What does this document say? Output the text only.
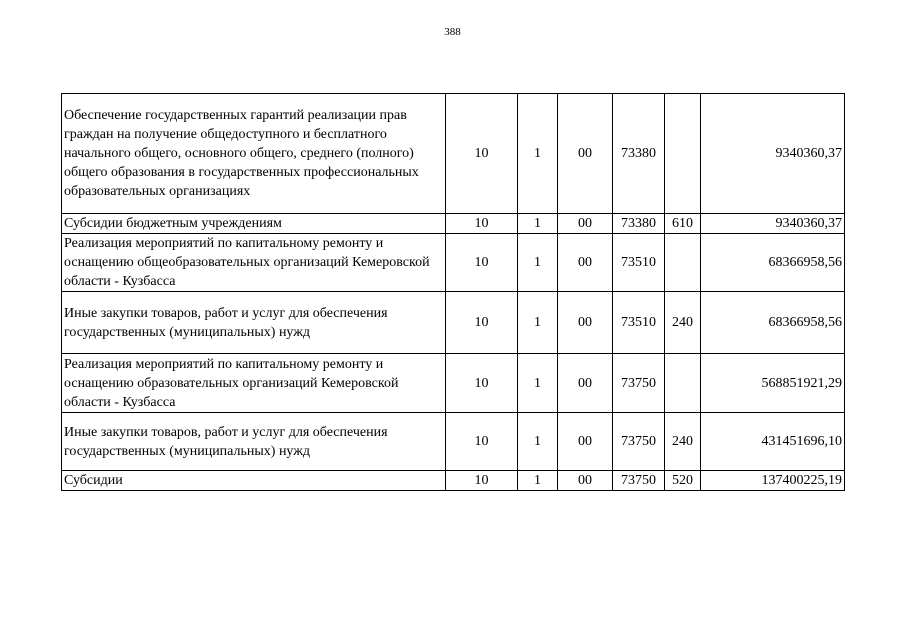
388
Обеспечение государственных гарантий реализации прав граждан на получение общедоступного и бесплатного начального общего, основного общего, среднего (полного) общего образования в государственных профессиональных образовательных организациях	10	1	00	73380		9340360,37
Субсидии бюджетным учреждениям	10	1	00	73380	610	9340360,37
Реализация мероприятий по капитальному ремонту и оснащению общеобразовательных организаций Кемеровской области - Кузбасса	10	1	00	73510		68366958,56
Иные закупки товаров, работ и услуг для обеспечения государственных (муниципальных) нужд	10	1	00	73510	240	68366958,56
Реализация мероприятий по капитальному ремонту и оснащению образовательных организаций Кемеровской области - Кузбасса	10	1	00	73750		568851921,29
Иные закупки товаров, работ и услуг для обеспечения государственных (муниципальных) нужд	10	1	00	73750	240	431451696,10
Субсидии	10	1	00	73750	520	137400225,19
